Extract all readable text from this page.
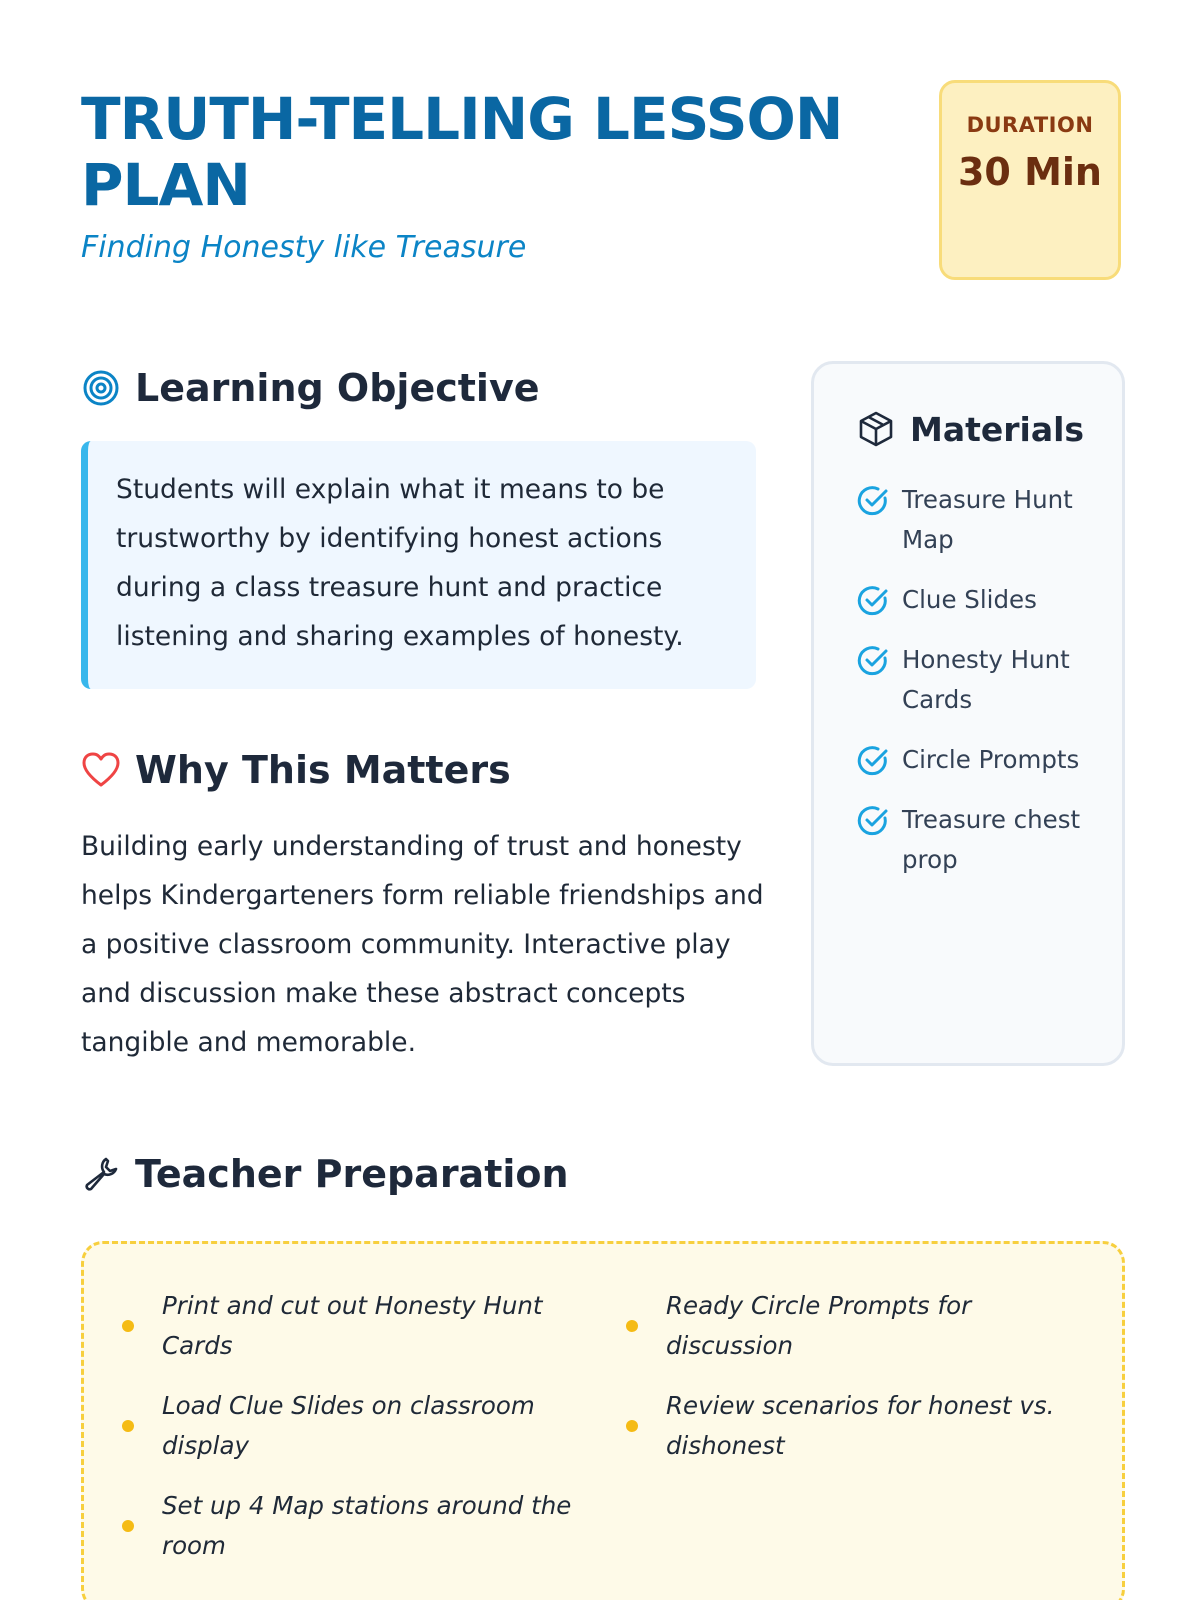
TRUTH-TELLING LESSON PLAN
Finding Honesty like Treasure
DURATION
30 Min
Learning Objective

Students will explain what it means to be trustworthy by identifying honest actions during a class treasure hunt and practice listening and sharing examples of honesty.

Why This Matters
Building early understanding of trust and honesty helps Kindergarteners form reliable friendships and a positive classroom community. Interactive play and discussion make these abstract concepts tangible and memorable.
Materials
Treasure Hunt Map
Clue Slides
Honesty Hunt Cards
Circle Prompts
Treasure chest prop
Teacher Preparation
Print and cut out Honesty Hunt Cards
Load Clue Slides on classroom display
Set up 4 Map stations around the room
Ready Circle Prompts for discussion
Review scenarios for honest vs. dishonest
